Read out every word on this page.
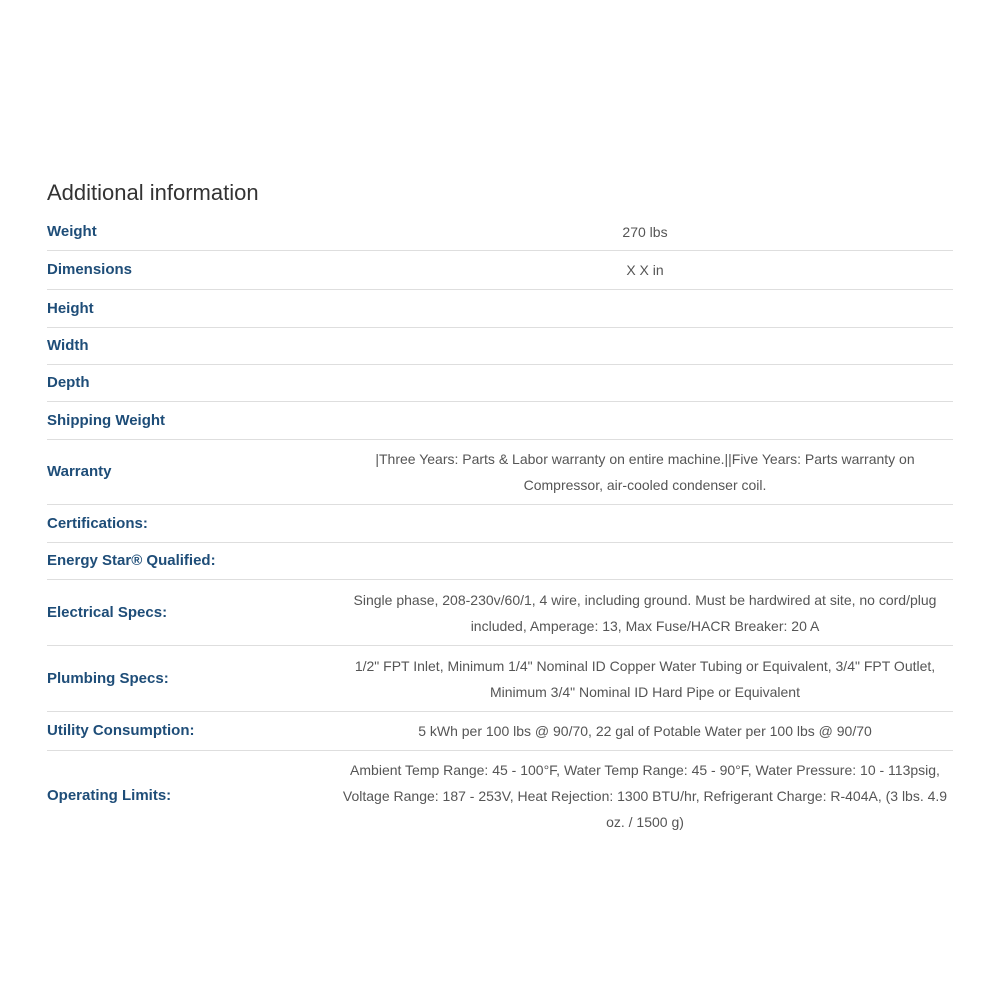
Additional information
Weight	270 lbs
Dimensions	X X in
Height	
Width	
Depth	
Shipping Weight	
Warranty	|Three Years: Parts & Labor warranty on entire machine.||Five Years: Parts warranty on Compressor, air-cooled condenser coil.
Certifications:	
Energy Star® Qualified:	
Electrical Specs:	Single phase, 208-230v/60/1, 4 wire, including ground. Must be hardwired at site, no cord/plug included, Amperage: 13, Max Fuse/HACR Breaker: 20 A
Plumbing Specs:	1/2" FPT Inlet, Minimum 1/4" Nominal ID Copper Water Tubing or Equivalent, 3/4" FPT Outlet, Minimum 3/4" Nominal ID Hard Pipe or Equivalent
Utility Consumption:	5 kWh per 100 lbs @ 90/70, 22 gal of Potable Water per 100 lbs @ 90/70
Operating Limits:	Ambient Temp Range: 45 - 100°F, Water Temp Range: 45 - 90°F, Water Pressure: 10 - 113psig, Voltage Range: 187 - 253V, Heat Rejection: 1300 BTU/hr, Refrigerant Charge: R-404A, (3 lbs. 4.9 oz. / 1500 g)
